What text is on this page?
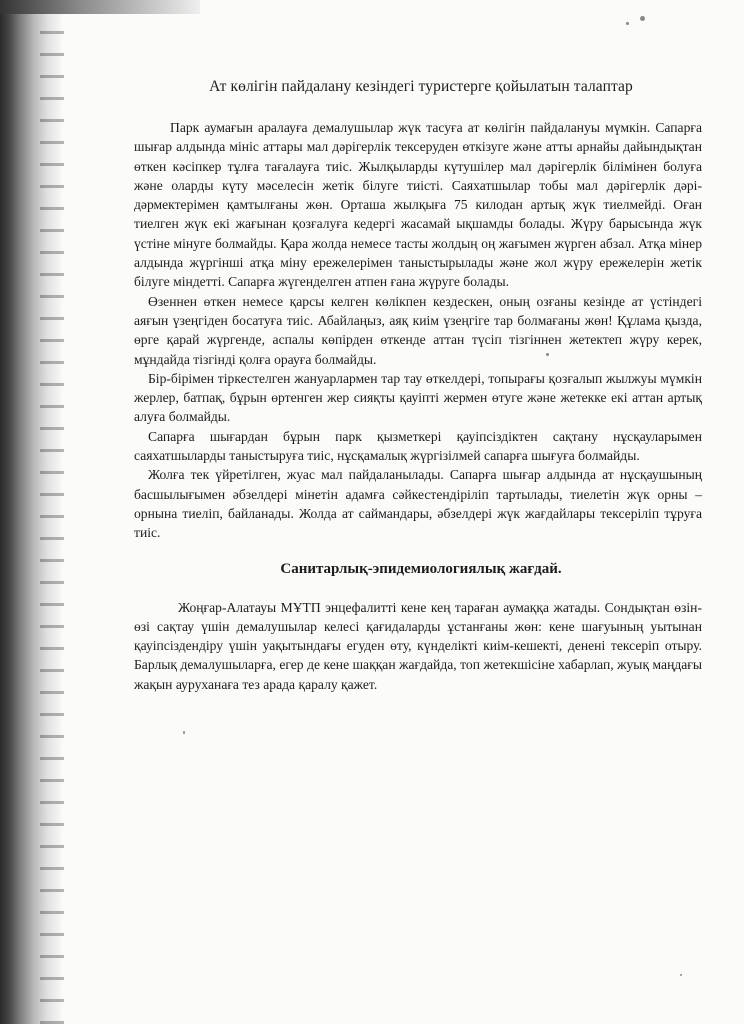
Ат көлігін пайдалану кезіндегі туристерге қойылатын талаптар

Парк аумағын аралауға демалушылар жүк тасуға ат көлігін пайдалануы мүмкін. Сапарға шығар алдында мініс аттары мал дәрігерлік тексеруден өткізуге және атты арнайы дайындықтан өткен кәсіпкер тұлға тағалауға тиіс. Жылқыларды күтушілер мал дәрігерлік білімінен болуға және оларды күту мәселесін жетік білуге тиісті. Саяхатшылар тобы мал дәрігерлік дәрі-дәрмектерімен қамтылғаны жөн. Орташа жылқыға 75 килодан артық жүк тиелмейді. Оған тиелген жүк екі жағынан қозғалуға кедергі жасамай ықшамды болады. Жүру барысында жүк үстіне мінуге болмайды. Қара жолда немесе тасты жолдың оң жағымен жүрген абзал. Атқа мінер алдында жүргінші атқа міну ережелерімен таныстырылады және жол жүру ережелерін жетік білуге міндетті. Сапарға жүгенделген атпен ғана жүруге болады.

Өзеннен өткен немесе қарсы келген көлікпен кездескен, оның озғаны кезінде ат үстіндегі аяғын үзеңгіден босатуға тиіс. Абайлаңыз, аяқ киім үзеңгіге тар болмағаны жөн! Құлама қызда, өрге қарай жүргенде, аспалы көпірден өткенде аттан түсіп тізгіннен жетектеп жүру керек, мұндайда тізгінді қолға орауға болмайды.

Бір-бірімен тіркестелген жануарлармен тар тау өткелдері, топырағы қозғалып жылжуы мүмкін жерлер, батпақ, бұрын өртенген жер сияқты қауіпті жермен өтуге және жетекке екі аттан артық алуға болмайды.

Сапарға шығардан бұрын парк қызметкері қауіпсіздіктен сақтану нұсқауларымен саяхатшыларды таныстыруға тиіс, нұсқамалық жүргізілмей сапарға шығуға болмайды.

Жолға тек үйретілген, жуас мал пайдаланылады. Сапарға шығар алдында ат нұсқаушының басшылығымен әбзелдері мінетін адамға сәйкестендіріліп тартылады, тиелетін жүк орны – орнына тиеліп, байланады. Жолда ат саймандары, әбзелдері жүк жағдайлары тексеріліп тұруға тиіс.

Санитарлық-эпидемиологиялық жағдай.

Жоңғар-Алатауы МҰТП энцефалитті кене кең тараған аумаққа жатады. Сондықтан өзін-өзі сақтау үшін демалушылар келесі қағидаларды ұстанғаны жөн: кене шағуының уытынан қауіпсіздендіру үшін уақытындағы егуден өту, күнделікті киім-кешекті, денені тексеріп отыру. Барлық демалушыларға, егер де кене шаққан жағдайда, топ жетекшісіне хабарлап, жуық маңдағы жақын ауруханаға тез арада қаралу қажет.
